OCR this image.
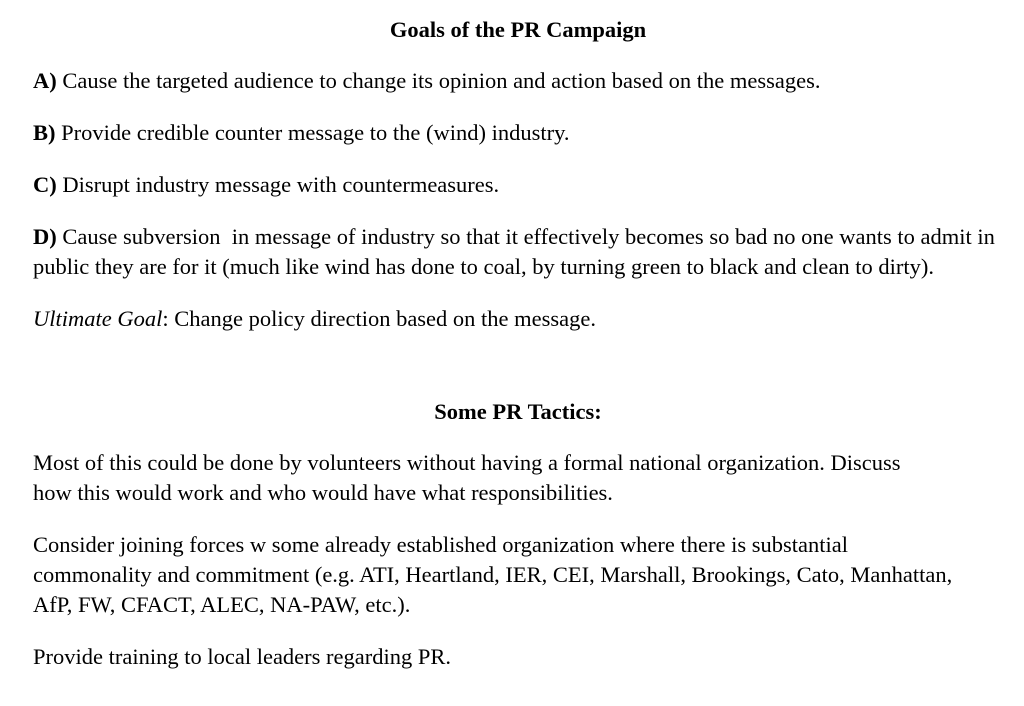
Goals of the PR Campaign

A) Cause the targeted audience to change its opinion and action based on the messages.

B) Provide credible counter message to the (wind) industry.

C) Disrupt industry message with countermeasures.

D) Cause subversion  in message of industry so that it effectively becomes so bad no one wants to admit in public they are for it (much like wind has done to coal, by turning green to black and clean to dirty).

Ultimate Goal: Change policy direction based on the message.

Some PR Tactics:

Most of this could be done by volunteers without having a formal national organization. Discuss how this would work and who would have what responsibilities.

Consider joining forces w some already established organization where there is substantial commonality and commitment (e.g. ATI, Heartland, IER, CEI, Marshall, Brookings, Cato, Manhattan, AfP, FW, CFACT, ALEC, NA-PAW, etc.).

Provide training to local leaders regarding PR.
